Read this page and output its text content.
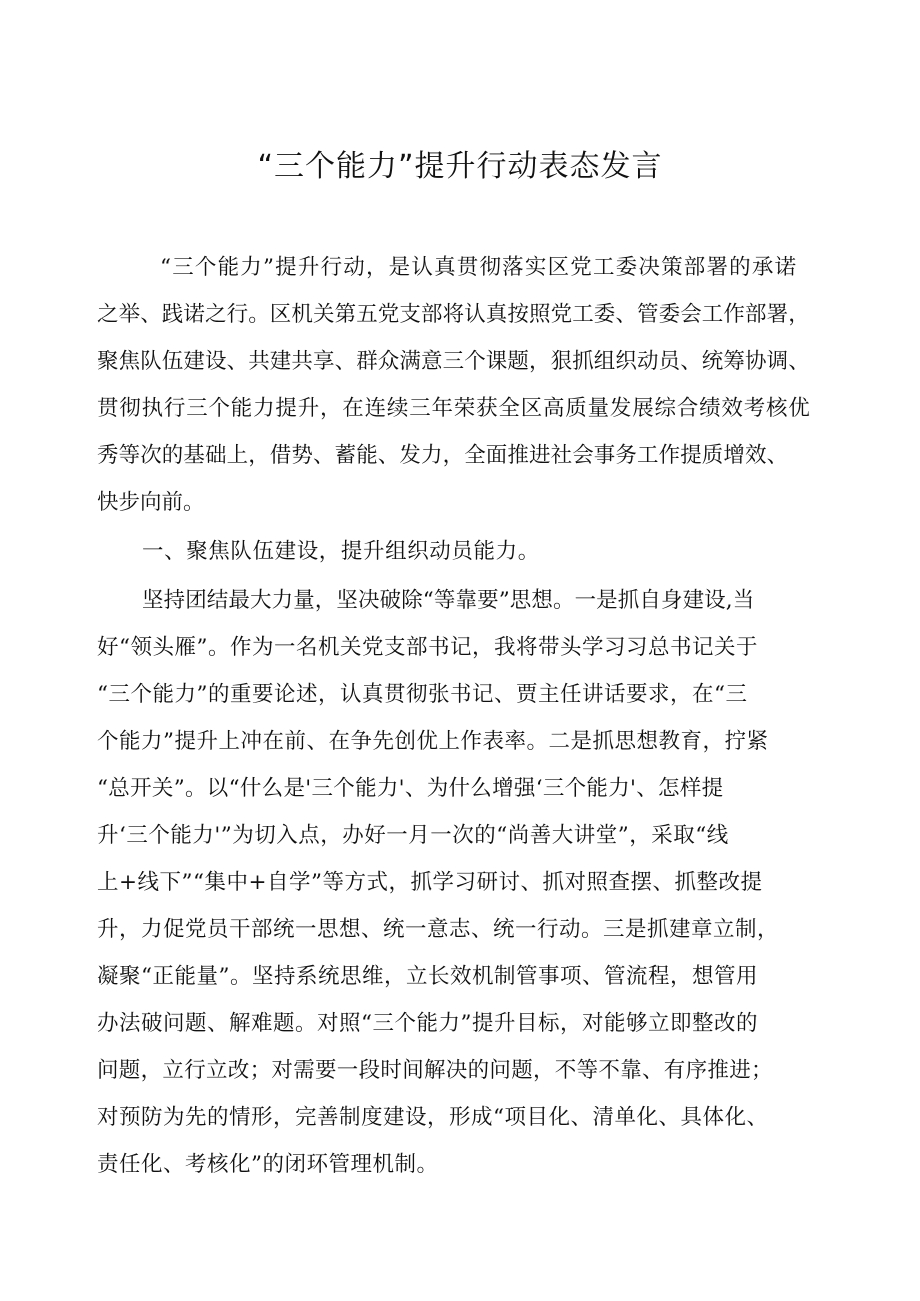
“三个能力”提升行动表态发言
“三个能力”提升行动，是认真贯彻落实区党工委决策部署的承诺
之举、践诺之行。区机关第五党支部将认真按照党工委、管委会工作部署，
聚焦队伍建设、共建共享、群众满意三个课题，狠抓组织动员、统筹协调、
贯彻执行三个能力提升，在连续三年荣获全区高质量发展综合绩效考核优
秀等次的基础上，借势、蓄能、发力，全面推进社会事务工作提质增效、
快步向前。
一、聚焦队伍建设，提升组织动员能力。
坚持团结最大力量，坚决破除“等靠要”思想。一是抓自身建设,当
好“领头雁”。作为一名机关党支部书记，我将带头学习习总书记关于
“三个能力”的重要论述，认真贯彻张书记、贾主任讲话要求，在“三
个能力”提升上冲在前、在争先创优上作表率。二是抓思想教育，拧紧
“总开关”。以“什么是'三个能力'、为什么增强‘三个能力'、怎样提
升‘三个能力'”为切入点，办好一月一次的“尚善大讲堂”，采取“线
上+线下”“集中+自学”等方式，抓学习研讨、抓对照查摆、抓整改提
升，力促党员干部统一思想、统一意志、统一行动。三是抓建章立制，
凝聚“正能量”。坚持系统思维，立长效机制管事项、管流程，想管用
办法破问题、解难题。对照“三个能力”提升目标，对能够立即整改的
问题，立行立改；对需要一段时间解决的问题，不等不靠、有序推进；
对预防为先的情形，完善制度建设，形成“项目化、清单化、具体化、
责任化、考核化”的闭环管理机制。
